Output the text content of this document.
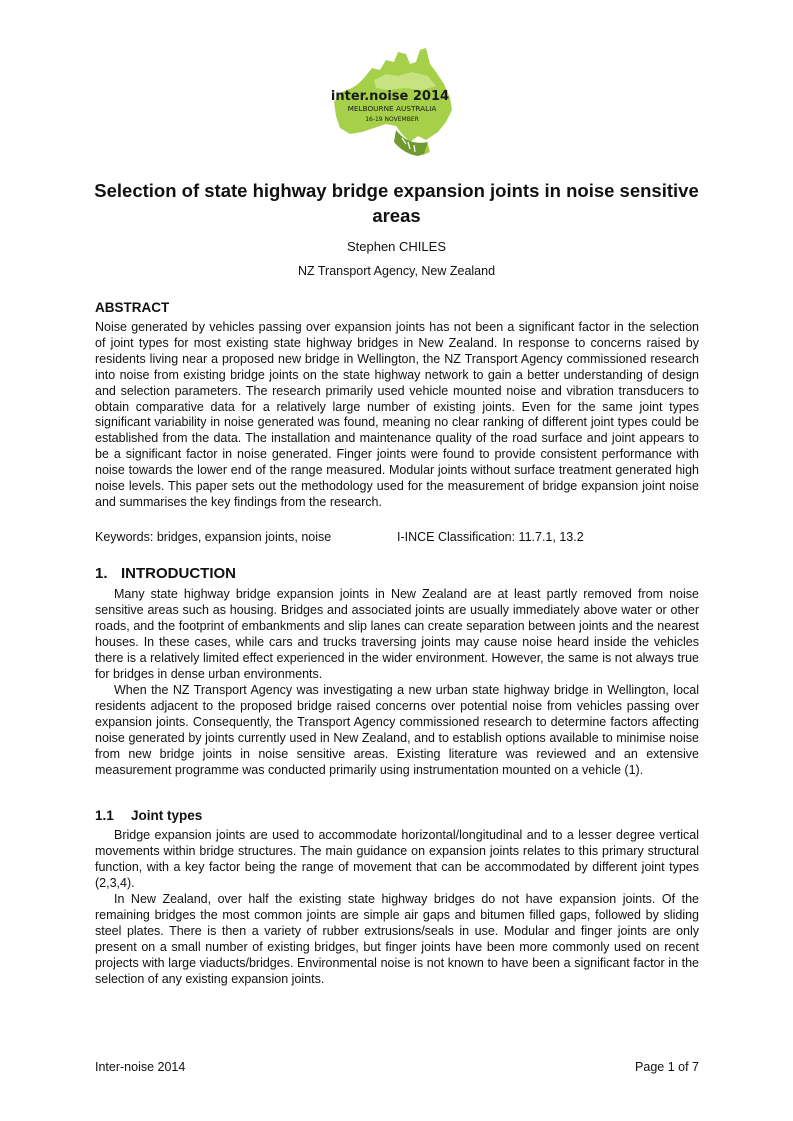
inter.noise 2014
MELBOURNE AUSTRALIA
16-19 NOVEMBER
Selection of state highway bridge expansion joints in noise sensitive areas
Stephen CHILES
NZ Transport Agency, New Zealand
ABSTRACT

Noise generated by vehicles passing over expansion joints has not been a significant factor in the selection of joint types for most existing state highway bridges in New Zealand. In response to concerns raised by residents living near a proposed new bridge in Wellington, the NZ Transport Agency commissioned research into noise from existing bridge joints on the state highway network to gain a better understanding of design and selection parameters. The research primarily used vehicle mounted noise and vibration transducers to obtain comparative data for a relatively large number of existing joints. Even for the same joint types significant variability in noise generated was found, meaning no clear ranking of different joint types could be established from the data. The installation and maintenance quality of the road surface and joint appears to be a significant factor in noise generated. Finger joints were found to provide consistent performance with noise towards the lower end of the range measured. Modular joints without surface treatment generated high noise levels. This paper sets out the methodology used for the measurement of bridge expansion joint noise and summarises the key findings from the research.

Keywords: bridges, expansion joints, noise	I-INCE Classification: 11.7.1, 13.2
1. INTRODUCTION

Many state highway bridge expansion joints in New Zealand are at least partly removed from noise sensitive areas such as housing. Bridges and associated joints are usually immediately above water or other roads, and the footprint of embankments and slip lanes can create separation between joints and the nearest houses. In these cases, while cars and trucks traversing joints may cause noise heard inside the vehicles there is a relatively limited effect experienced in the wider environment. However, the same is not always true for bridges in dense urban environments.

When the NZ Transport Agency was investigating a new urban state highway bridge in Wellington, local residents adjacent to the proposed bridge raised concerns over potential noise from vehicles passing over expansion joints. Consequently, the Transport Agency commissioned research to determine factors affecting noise generated by joints currently used in New Zealand, and to establish options available to minimise noise from new bridge joints in noise sensitive areas. Existing literature was reviewed and an extensive measurement programme was conducted primarily using instrumentation mounted on a vehicle (1).

1.1 Joint types

Bridge expansion joints are used to accommodate horizontal/longitudinal and to a lesser degree vertical movements within bridge structures. The main guidance on expansion joints relates to this primary structural function, with a key factor being the range of movement that can be accommodated by different joint types (2,3,4).

In New Zealand, over half the existing state highway bridges do not have expansion joints. Of the remaining bridges the most common joints are simple air gaps and bitumen filled gaps, followed by sliding steel plates. There is then a variety of rubber extrusions/seals in use. Modular and finger joints are only present on a small number of existing bridges, but finger joints have been more commonly used on recent projects with large viaducts/bridges. Environmental noise is not known to have been a significant factor in the selection of any existing expansion joints.

Inter-noise 2014	Page 1 of 7
